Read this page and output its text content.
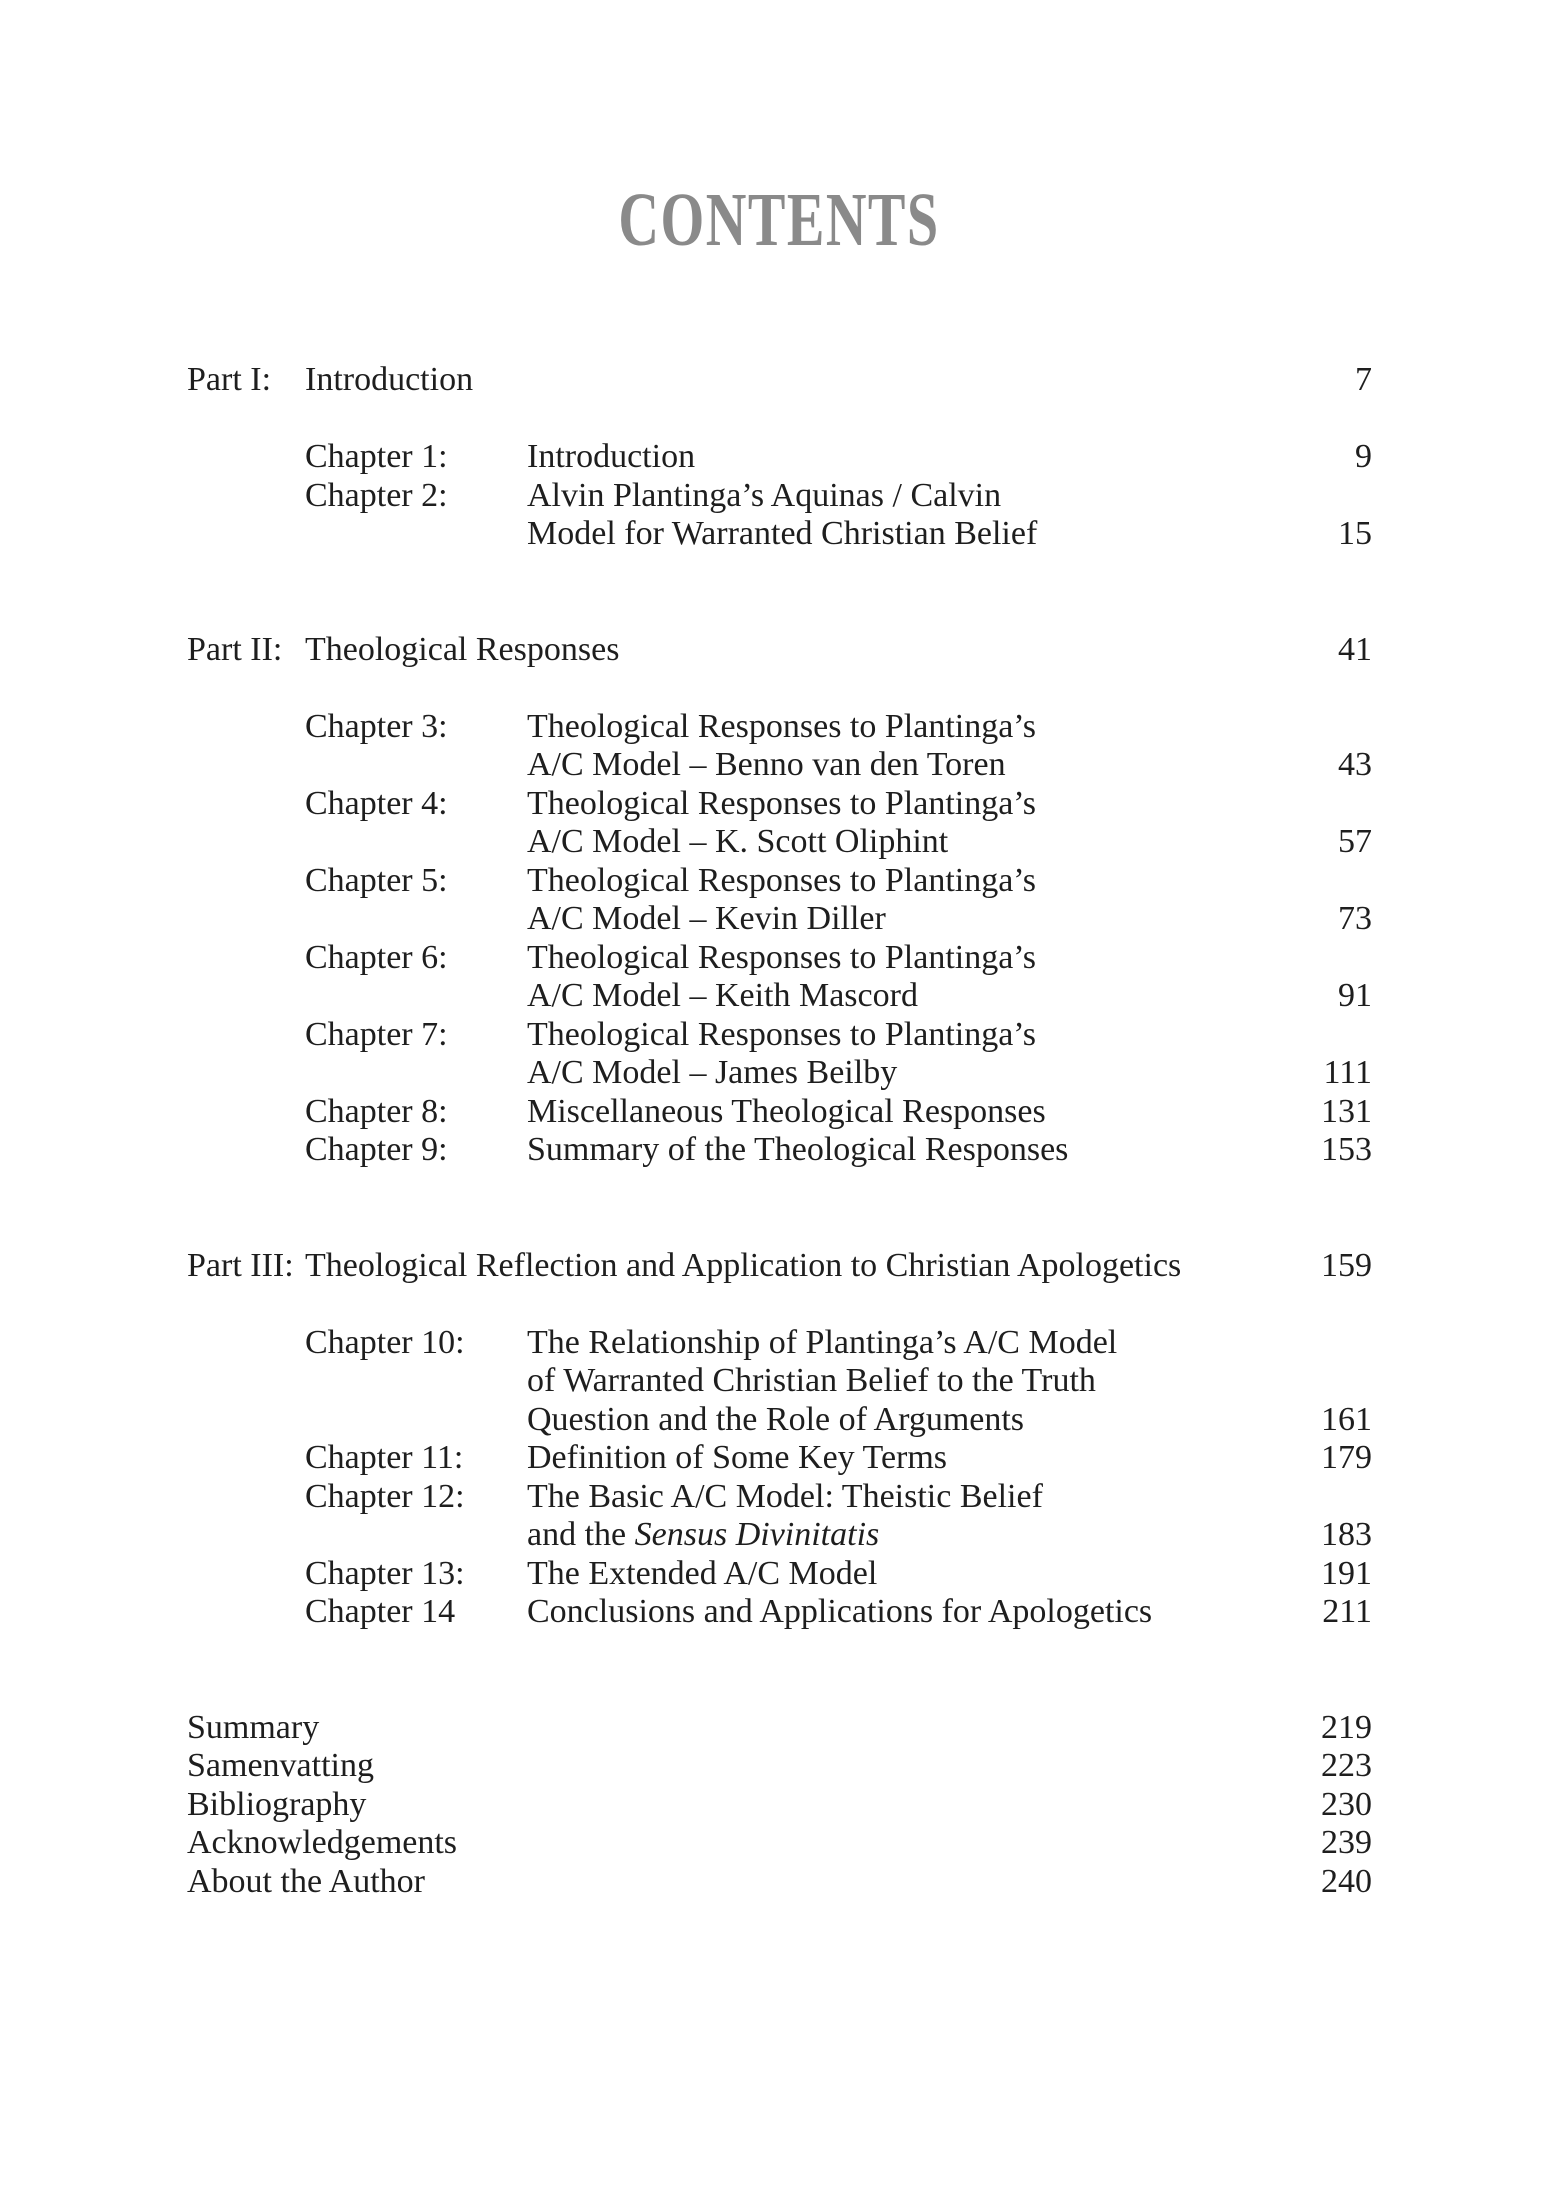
CONTENTS
Part I: Introduction	7
Chapter 1:	Introduction	9
Chapter 2:	Alvin Plantinga’s Aquinas / Calvin
Model for Warranted Christian Belief	15
Part II: Theological Responses	41
Chapter 3:	Theological Responses to Plantinga’s
A/C Model – Benno van den Toren	43
Chapter 4:	Theological Responses to Plantinga’s
A/C Model – K. Scott Oliphint	57
Chapter 5:	Theological Responses to Plantinga’s
A/C Model – Kevin Diller	73
Chapter 6:	Theological Responses to Plantinga’s
A/C Model – Keith Mascord	91
Chapter 7:	Theological Responses to Plantinga’s
A/C Model – James Beilby	111
Chapter 8:	Miscellaneous Theological Responses	131
Chapter 9:	Summary of the Theological Responses	153
Part III: Theological Reflection and Application to Christian Apologetics	159
Chapter 10:	The Relationship of Plantinga’s A/C Model
of Warranted Christian Belief to the Truth
Question and the Role of Arguments	161
Chapter 11:	Definition of Some Key Terms	179
Chapter 12:	The Basic A/C Model: Theistic Belief
and the Sensus Divinitatis	183
Chapter 13:	The Extended A/C Model	191
Chapter 14	Conclusions and Applications for Apologetics	211
Summary	219
Samenvatting	223
Bibliography	230
Acknowledgements	239
About the Author	240
